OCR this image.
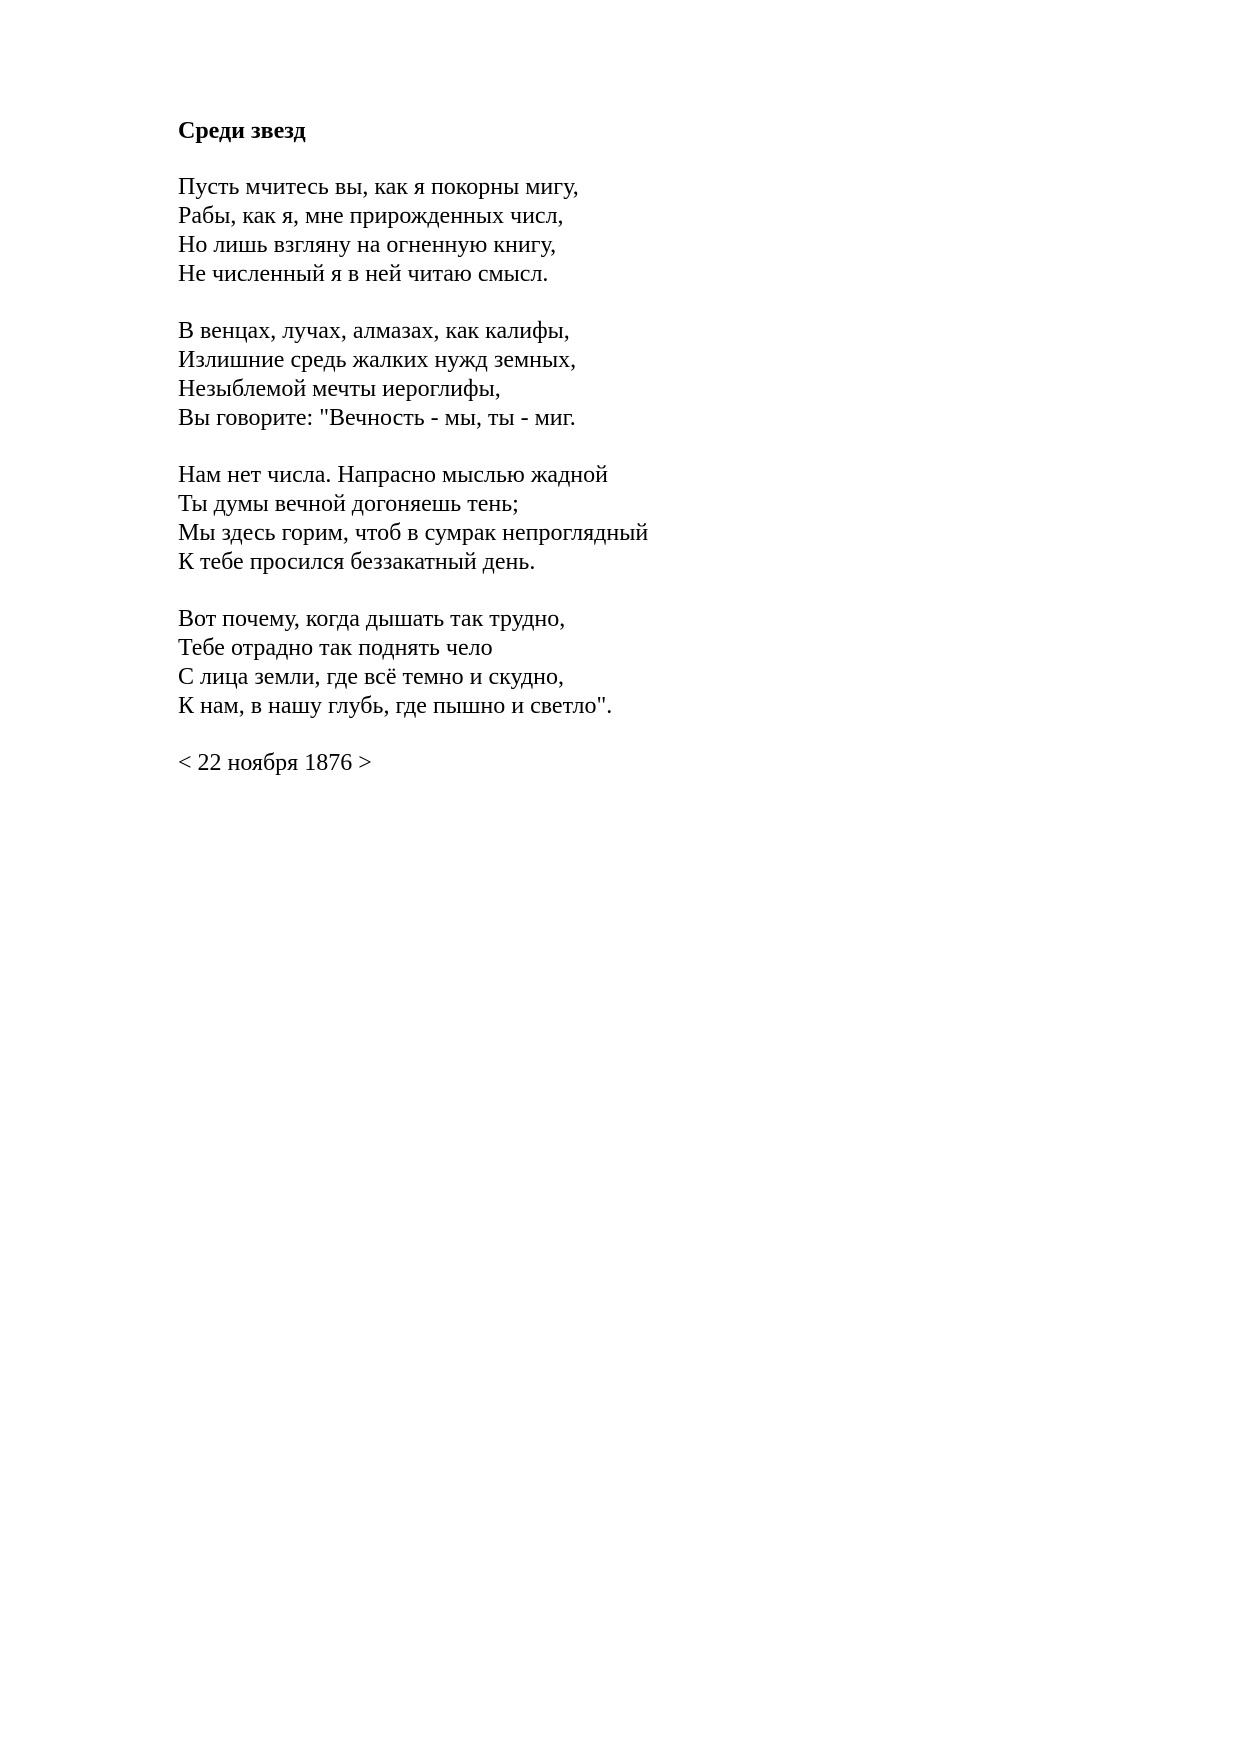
Среди звезд
Пусть мчитесь вы, как я покорны мигу,
Рабы, как я, мне прирожденных числ,
Но лишь взгляну на огненную книгу,
Не численный я в ней читаю смысл.
В венцах, лучах, алмазах, как калифы,
Излишние средь жалких нужд земных,
Незыблемой мечты иероглифы,
Вы говорите: "Вечность - мы, ты - миг.
Нам нет числа. Напрасно мыслью жадной
Ты думы вечной догоняешь тень;
Мы здесь горим, чтоб в сумрак непроглядный
К тебе просился беззакатный день.
Вот почему, когда дышать так трудно,
Тебе отрадно так поднять чело
С лица земли, где всё темно и скудно,
К нам, в нашу глубь, где пышно и светло".
< 22 ноября 1876 >
